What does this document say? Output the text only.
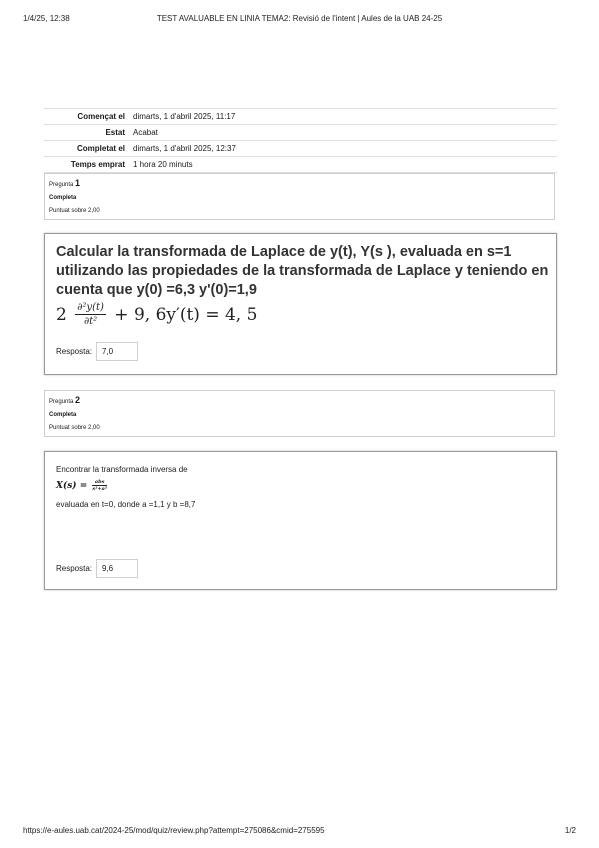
1/4/25, 12:38	TEST AVALUABLE EN LINIA TEMA2: Revisió de l'intent | Aules de la UAB 24-25
Començat el	dimarts, 1 d'abril 2025, 11:17
Estat	Acabat
Completat el	dimarts, 1 d'abril 2025, 12:37
Temps emprat	1 hora 20 minuts
Pregunta 1
Completa
Puntuat sobre 2,00
Calcular la transformada de Laplace de y(t), Y(s ), evaluada en s=1 utilizando las propiedades de la transformada de Laplace y teniendo en cuenta que y(0) =6,3 y'(0)=1,9
$2 \frac{\text{∂²y(t)}}{\text{∂t²}} + 9$, 6y′(t) = 4, 5
Resposta:	7,0
Pregunta 2
Completa
Puntuat sobre 2,00
Encontrar la transformada inversa de
$X(s) = \frac{\text{abs}}{\text{s²+a²}}$
evaluada en t=0, donde a =1,1 y b =8,7
Resposta:	9,6
https://e-aules.uab.cat/2024-25/mod/quiz/review.php?attempt=275086&cmid=275595	1/2
